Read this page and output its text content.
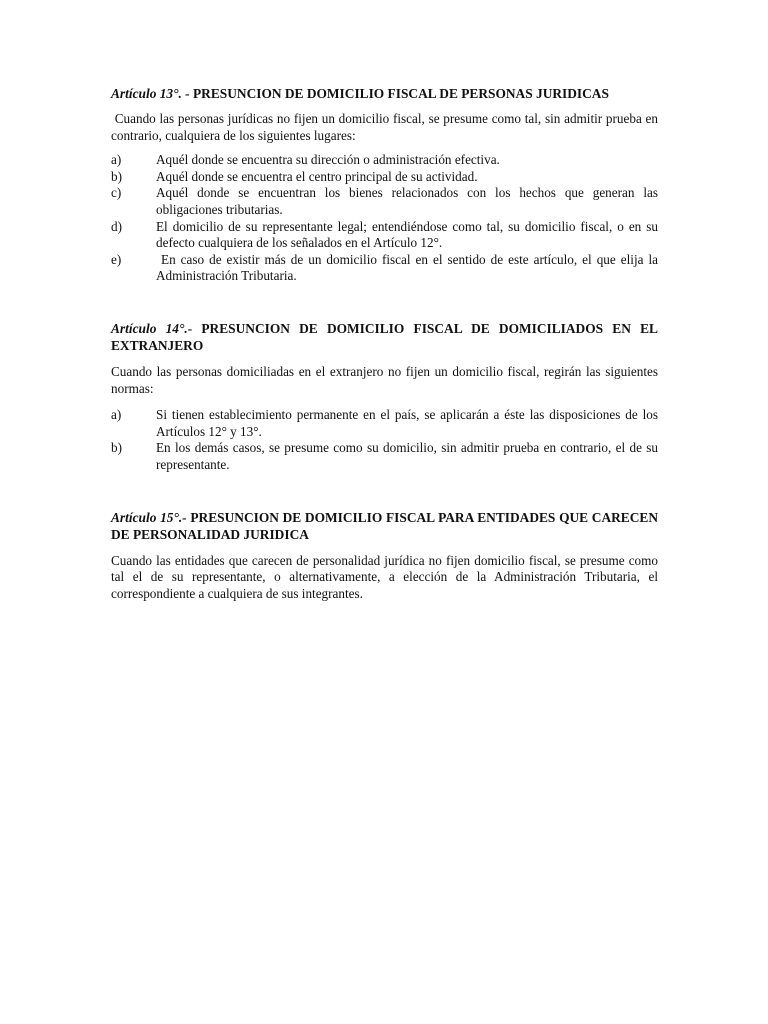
Artículo 13°. - PRESUNCION DE DOMICILIO FISCAL DE PERSONAS JURIDICAS

Cuando las personas jurídicas no fijen un domicilio fiscal, se presume como tal, sin admitir prueba en contrario, cualquiera de los siguientes lugares:

a)	Aquél donde se encuentra su dirección o administración efectiva.
b)	Aquél donde se encuentra el centro principal de su actividad.
c)	Aquél donde se encuentran los bienes relacionados con los hechos que generan las obligaciones tributarias.
d)	El domicilio de su representante legal; entendiéndose como tal, su domicilio fiscal, o en su defecto cualquiera de los señalados en el Artículo 12°.
e)	En caso de existir más de un domicilio fiscal en el sentido de este artículo, el que elija la Administración Tributaria.

Artículo 14°.- PRESUNCION DE DOMICILIO FISCAL DE DOMICILIADOS EN EL EXTRANJERO

Cuando las personas domiciliadas en el extranjero no fijen un domicilio fiscal, regirán las siguientes normas:

a)	Si tienen establecimiento permanente en el país, se aplicarán a éste las disposiciones de los Artículos 12° y 13°.
b)	En los demás casos, se presume como su domicilio, sin admitir prueba en contrario, el de su representante.

Artículo 15°.- PRESUNCION DE DOMICILIO FISCAL PARA ENTIDADES QUE CARECEN DE PERSONALIDAD JURIDICA

Cuando las entidades que carecen de personalidad jurídica no fijen domicilio fiscal, se presume como tal el de su representante, o alternativamente, a elección de la Administración Tributaria, el correspondiente a cualquiera de sus integrantes.
